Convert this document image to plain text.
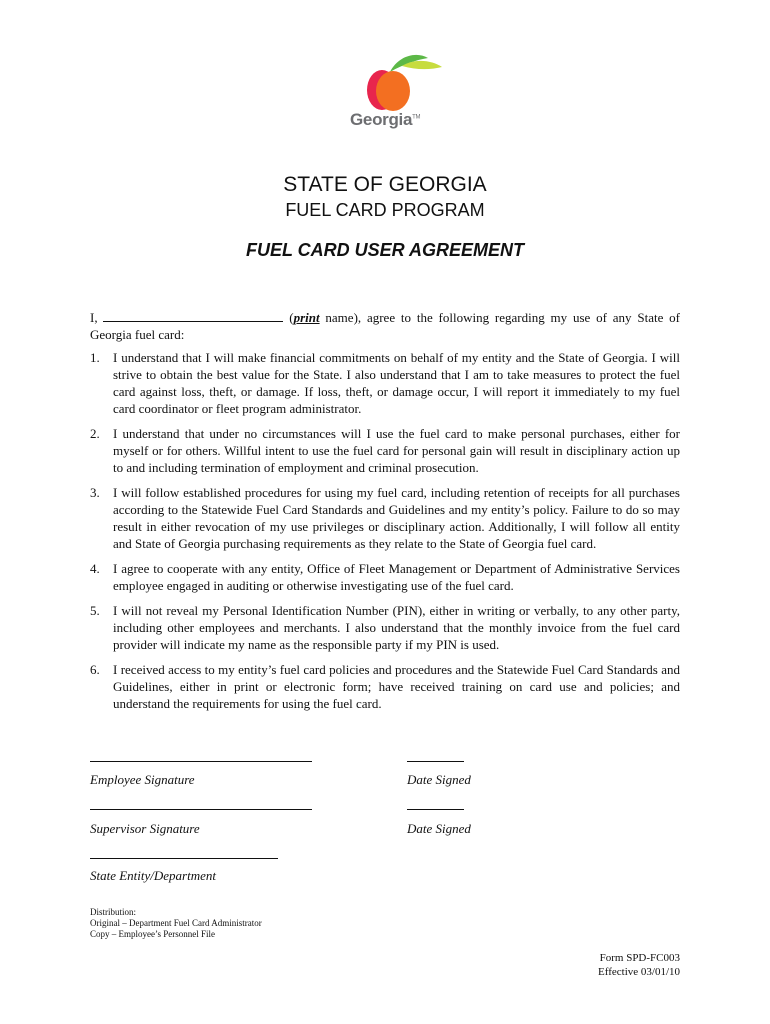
Georgia™
STATE OF GEORGIA
FUEL CARD PROGRAM
FUEL CARD USER AGREEMENT
I,	(print name), agree to the following regarding my use of any State of Georgia fuel card:
1. I understand that I will make financial commitments on behalf of my entity and the State of Georgia. I will strive to obtain the best value for the State. I also understand that I am to take measures to protect the fuel card against loss, theft, or damage. If loss, theft, or damage occur, I will report it immediately to my fuel card coordinator or fleet program administrator.
2. I understand that under no circumstances will I use the fuel card to make personal purchases, either for myself or for others. Willful intent to use the fuel card for personal gain will result in disciplinary action up to and including termination of employment and criminal prosecution.
3. I will follow established procedures for using my fuel card, including retention of receipts for all purchases according to the Statewide Fuel Card Standards and Guidelines and my entity’s policy. Failure to do so may result in either revocation of my use privileges or disciplinary action. Additionally, I will follow all entity and State of Georgia purchasing requirements as they relate to the State of Georgia fuel card.
4. I agree to cooperate with any entity, Office of Fleet Management or Department of Administrative Services employee engaged in auditing or otherwise investigating use of the fuel card.
5. I will not reveal my Personal Identification Number (PIN), either in writing or verbally, to any other party, including other employees and merchants. I also understand that the monthly invoice from the fuel card provider will indicate my name as the responsible party if my PIN is used.
6. I received access to my entity’s fuel card policies and procedures and the Statewide Fuel Card Standards and Guidelines, either in print or electronic form; have received training on card use and policies; and understand the requirements for using the fuel card.
Employee Signature	Date Signed
Supervisor Signature	Date Signed
State Entity/Department
Distribution:
Original – Department Fuel Card Administrator
Copy – Employee’s Personnel File
Form SPD-FC003
Effective 03/01/10
